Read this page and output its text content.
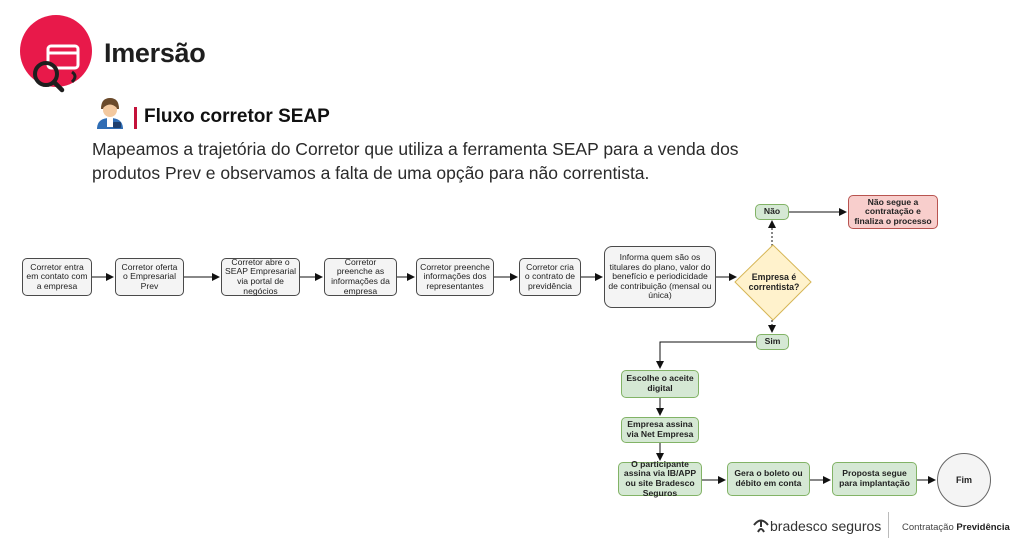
Imersão
Fluxo corretor SEAP
Mapeamos a trajetória do Corretor que utiliza a ferramenta SEAP para a venda dos produtos Prev e observamos a falta de uma opção para não correntista.
Corretor entra em contato com a empresa
Corretor oferta o Empresarial Prev
Corretor abre o SEAP Empresarial via portal de negócios
Corretor preenche as informações da empresa
Corretor preenche informações dos representantes
Corretor cria o contrato de previdência
Informa quem são os titulares do plano, valor do benefício e periodicidade de contribuição (mensal ou única)
Empresa é correntista?
Não
Não segue a contratação e finaliza o processo
Sim
Escolhe o aceite digital
Empresa assina via Net Empresa
O participante assina via IB/APP ou site Bradesco Seguros
Gera o boleto ou débito em conta
Proposta segue para implantação	Fim
bradesco seguros Contratação Previdência
